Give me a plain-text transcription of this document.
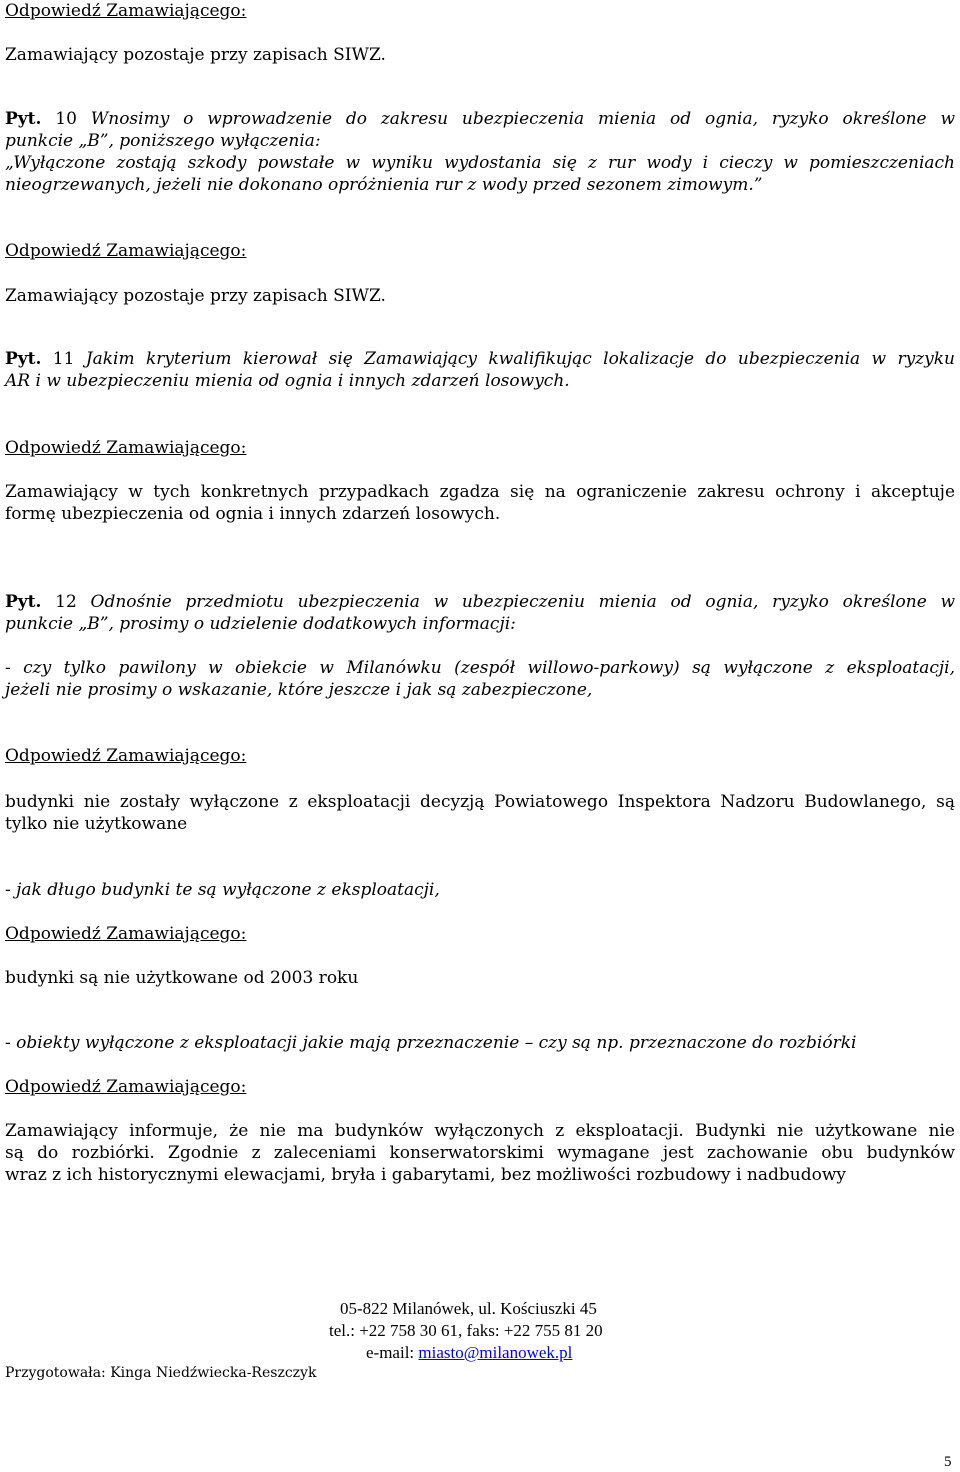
Odpowiedź Zamawiającego:
Zamawiający pozostaje przy zapisach SIWZ.
Pyt. 10 Wnosimy o wprowadzenie do zakresu ubezpieczenia mienia od ognia, ryzyko określone w
punkcie „B”, poniższego wyłączenia:
„Wyłączone zostają szkody powstałe w wyniku wydostania się z rur wody i cieczy w pomieszczeniach
nieogrzewanych, jeżeli nie dokonano opróżnienia rur z wody przed sezonem zimowym.”
Odpowiedź Zamawiającego:
Zamawiający pozostaje przy zapisach SIWZ.
Pyt. 11 Jakim kryterium kierował się Zamawiający kwalifikując lokalizacje do ubezpieczenia w ryzyku
AR i w ubezpieczeniu mienia od ognia i innych zdarzeń losowych.
Odpowiedź Zamawiającego:
Zamawiający w tych konkretnych przypadkach zgadza się na ograniczenie zakresu ochrony i akceptuje
formę ubezpieczenia od ognia i innych zdarzeń losowych.
Pyt. 12 Odnośnie przedmiotu ubezpieczenia w ubezpieczeniu mienia od ognia, ryzyko określone w
punkcie „B”, prosimy o udzielenie dodatkowych informacji:
- czy tylko pawilony w obiekcie w Milanówku (zespół willowo-parkowy) są wyłączone z eksploatacji,
jeżeli nie prosimy o wskazanie, które jeszcze i jak są zabezpieczone,
Odpowiedź Zamawiającego:
budynki nie zostały wyłączone z eksploatacji decyzją Powiatowego Inspektora Nadzoru Budowlanego, są
tylko nie użytkowane
- jak długo budynki te są wyłączone z eksploatacji,
Odpowiedź Zamawiającego:
budynki są nie użytkowane od 2003 roku
- obiekty wyłączone z eksploatacji jakie mają przeznaczenie – czy są np. przeznaczone do rozbiórki
Odpowiedź Zamawiającego:
Zamawiający informuje, że nie ma budynków wyłączonych z eksploatacji. Budynki nie użytkowane nie
są do rozbiórki. Zgodnie z zaleceniami konserwatorskimi wymagane jest zachowanie obu budynków
wraz z ich historycznymi elewacjami, bryła i gabarytami, bez możliwości rozbudowy i nadbudowy
05-822 Milanówek, ul. Kościuszki 45
tel.: +22 758 30 61, faks: +22 755 81 20
e-mail: miasto@milanowek.pl
Przygotowała: Kinga Niedźwiecka-Reszczyk
5
